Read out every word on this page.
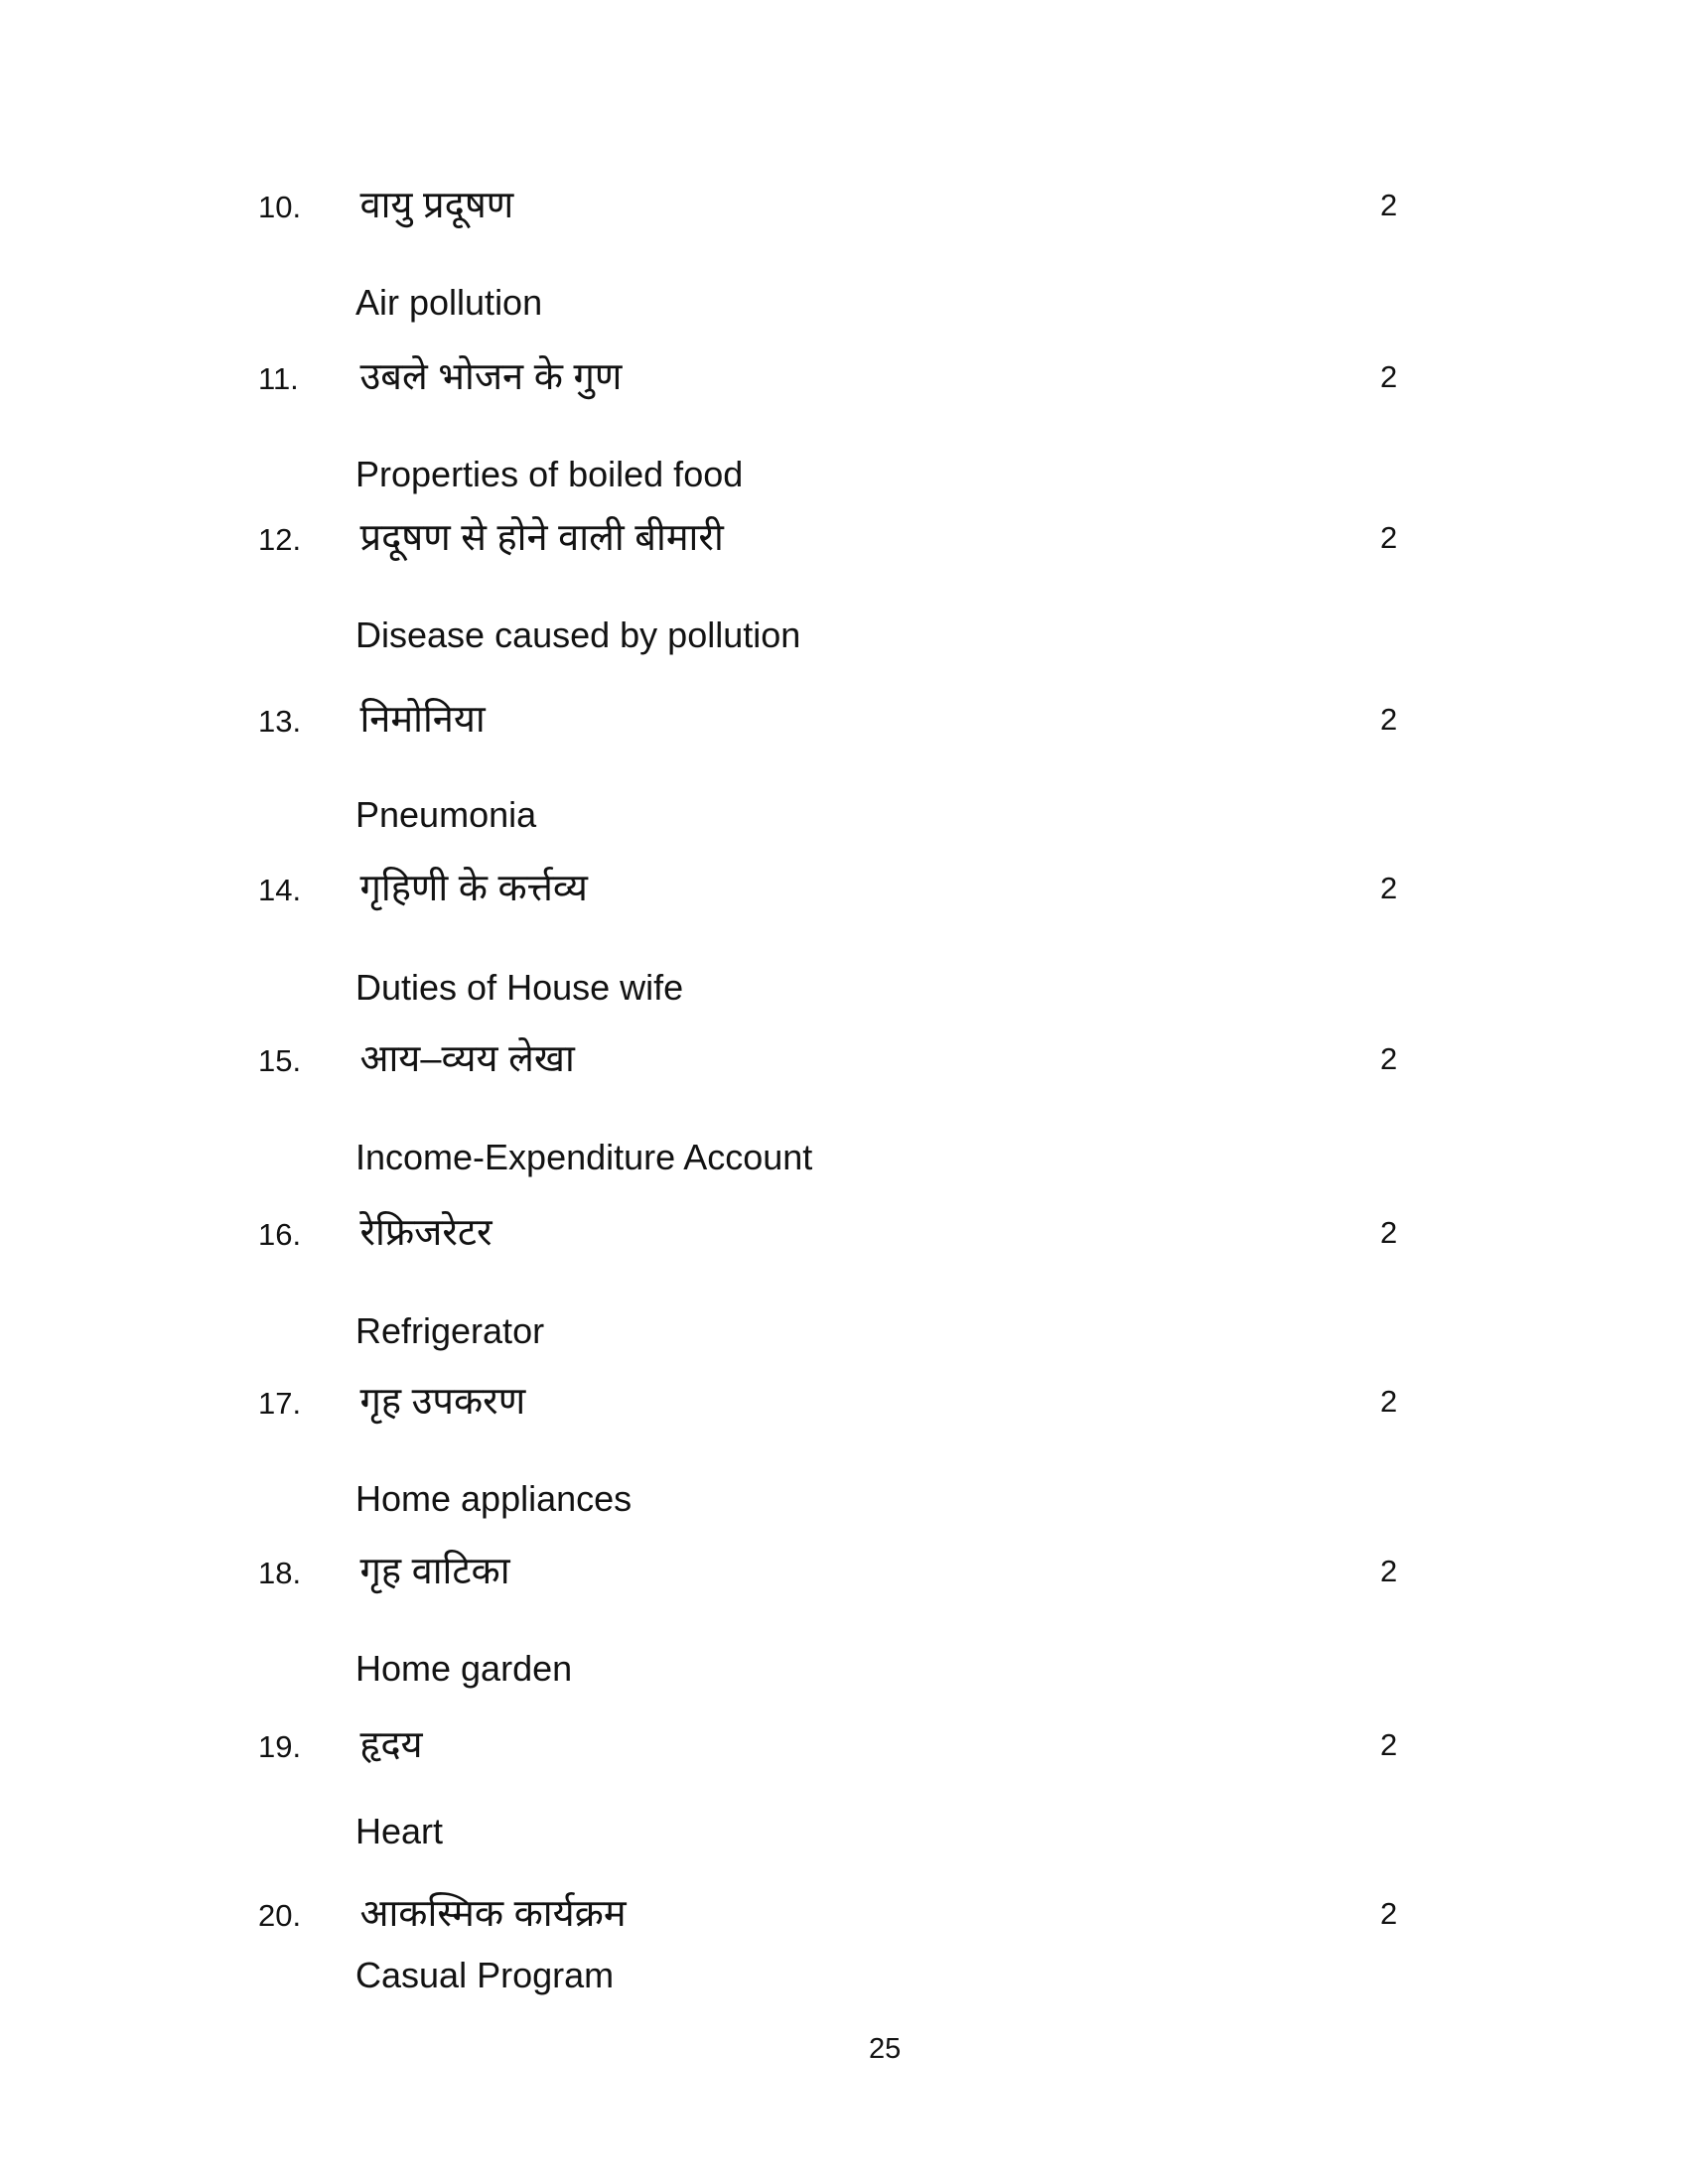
10. वायु प्रदूषण	2
Air pollution
11. उबले भोजन के गुण	2
Properties of boiled food
12. प्रदूषण से होने वाली बीमारी	2
Disease caused by pollution
13. निमोनिया	2
Pneumonia
14. गृहिणी के कर्त्तव्य	2
Duties of House wife
15. आय–व्यय लेखा	2
Income-Expenditure Account
16. रेफ्रिजरेटर	2
Refrigerator
17. गृह उपकरण	2
Home appliances
18. गृह वाटिका	2
Home garden
19. हृदय	2
Heart
20. आकस्मिक कार्यक्रम	2
Casual Program
25
